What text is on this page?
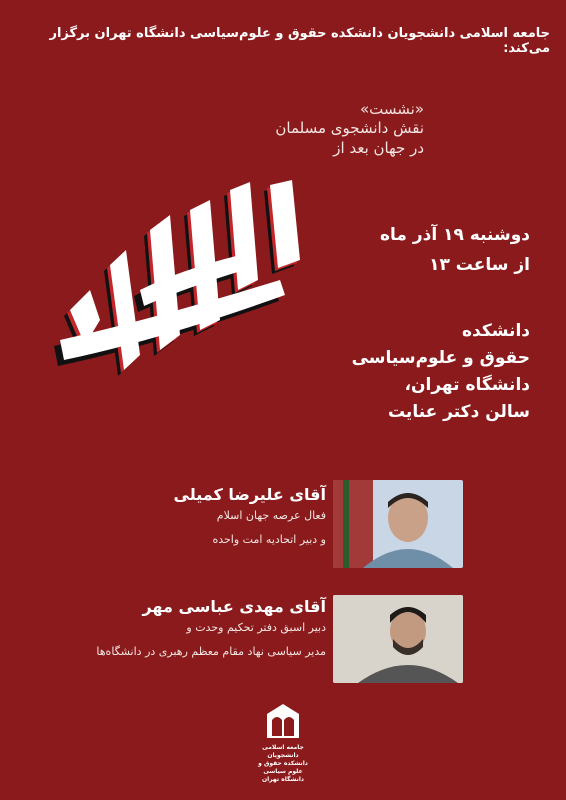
جامعه اسلامی دانشجویان دانشکده حقوق و علوم‌سیاسی دانشگاه تهران برگزار می‌کند:
«نشست»
نقش دانشجوی مسلمان
در جهان بعد از
دوشنبه ۱۹ آذر ماه
از ساعت ۱۳
دانشکده
حقوق و علوم‌سیاسی
دانشگاه تهران،
سالن دکتر عنایت
آقای علیرضا کمیلی
فعال عرصه جهان اسلام
و دبیر اتحادیه امت واحده
آقای مهدی عباسی مهر
دبیر اسبق دفتر تحکیم وحدت و
مدیر سیاسی نهاد مقام معظم رهبری در دانشگاه‌ها
جامعه اسلامی دانشجویان
دانشکده حقوق و علوم سیاسی
دانشگاه تهران
